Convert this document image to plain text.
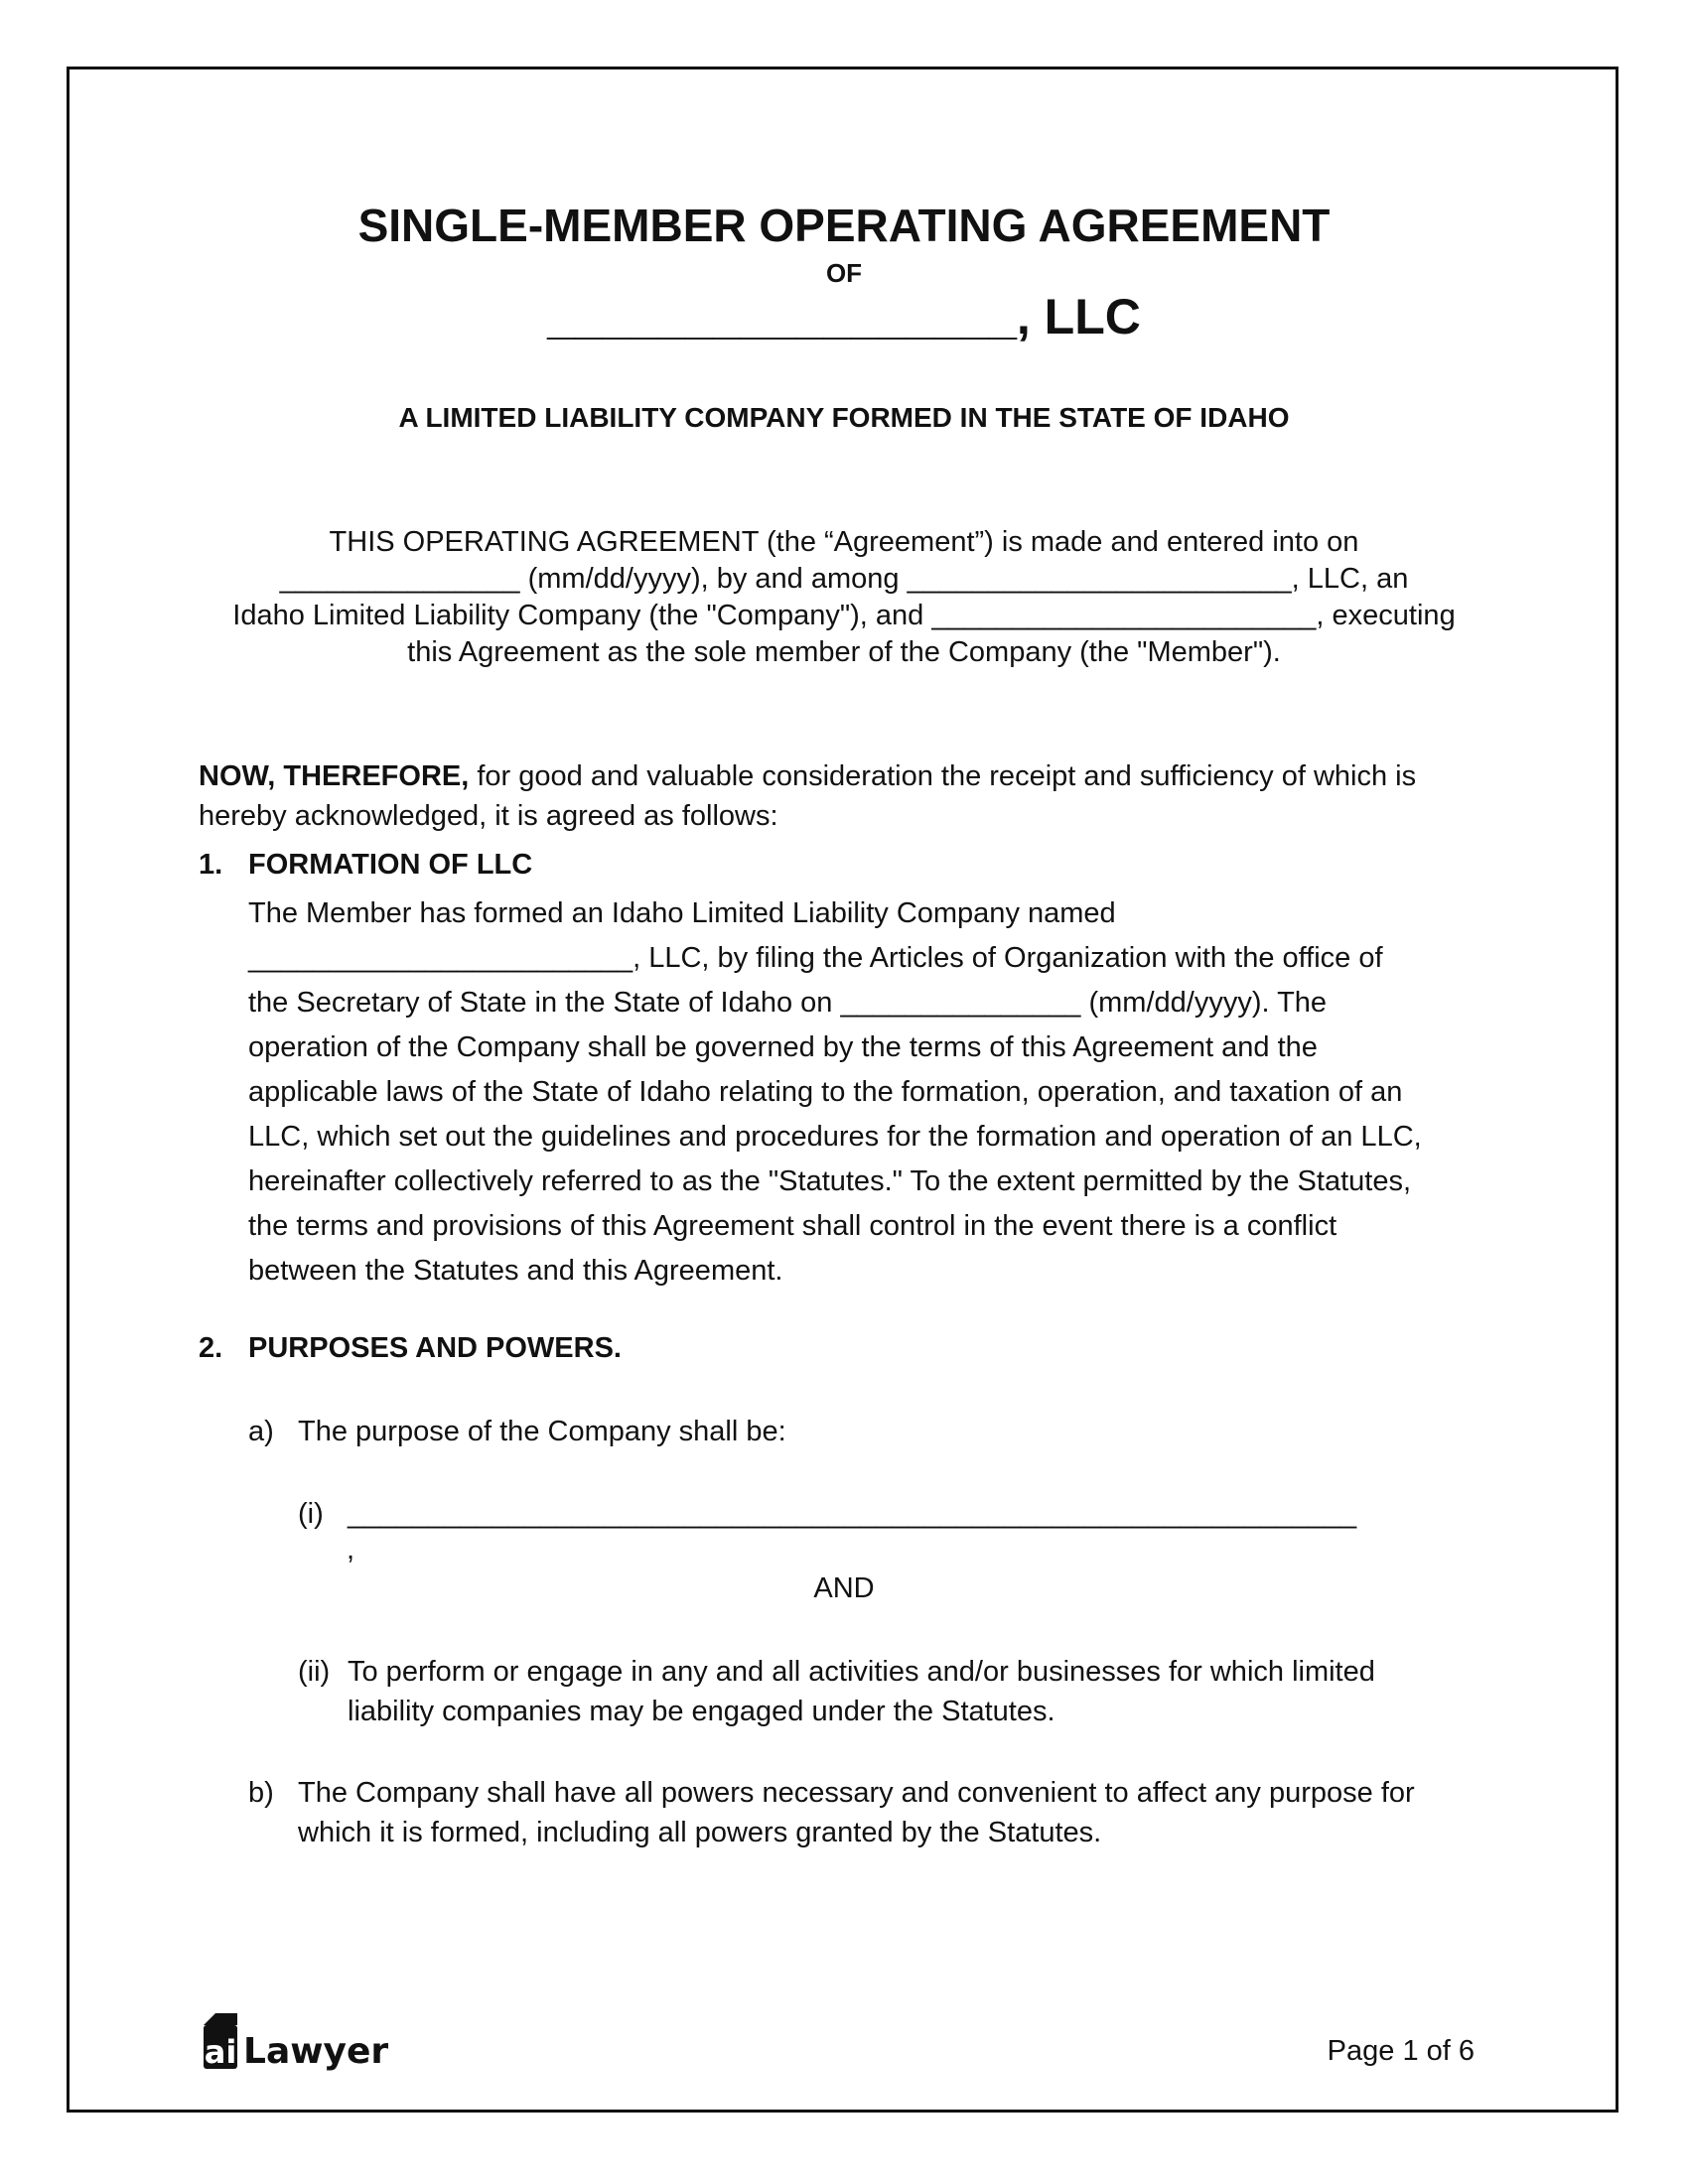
SINGLE-MEMBER OPERATING AGREEMENT
OF
_________________, LLC
A LIMITED LIABILITY COMPANY FORMED IN THE STATE OF IDAHO
THIS OPERATING AGREEMENT (the “Agreement”) is made and entered into on
_______________ (mm/dd/yyyy), by and among ________________________, LLC, an
Idaho Limited Liability Company (the "Company"), and ________________________, executing
this Agreement as the sole member of the Company (the "Member").
NOW, THEREFORE, for good and valuable consideration the receipt and sufficiency of which is
hereby acknowledged, it is agreed as follows:
1. FORMATION OF LLC
The Member has formed an Idaho Limited Liability Company named
________________________, LLC, by filing the Articles of Organization with the office of
the Secretary of State in the State of Idaho on _______________ (mm/dd/yyyy). The
operation of the Company shall be governed by the terms of this Agreement and the
applicable laws of the State of Idaho relating to the formation, operation, and taxation of an
LLC, which set out the guidelines and procedures for the formation and operation of an LLC,
hereinafter collectively referred to as the "Statutes." To the extent permitted by the Statutes,
the terms and provisions of this Agreement shall control in the event there is a conflict
between the Statutes and this Agreement.
2. PURPOSES AND POWERS.
a) The purpose of the Company shall be:
(i) _______________________________________________________________
,
AND
(ii) To perform or engage in any and all activities and/or businesses for which limited
liability companies may be engaged under the Statutes.
b) The Company shall have all powers necessary and convenient to affect any purpose for
which it is formed, including all powers granted by the Statutes.
ai Lawyer	Page 1 of 6
